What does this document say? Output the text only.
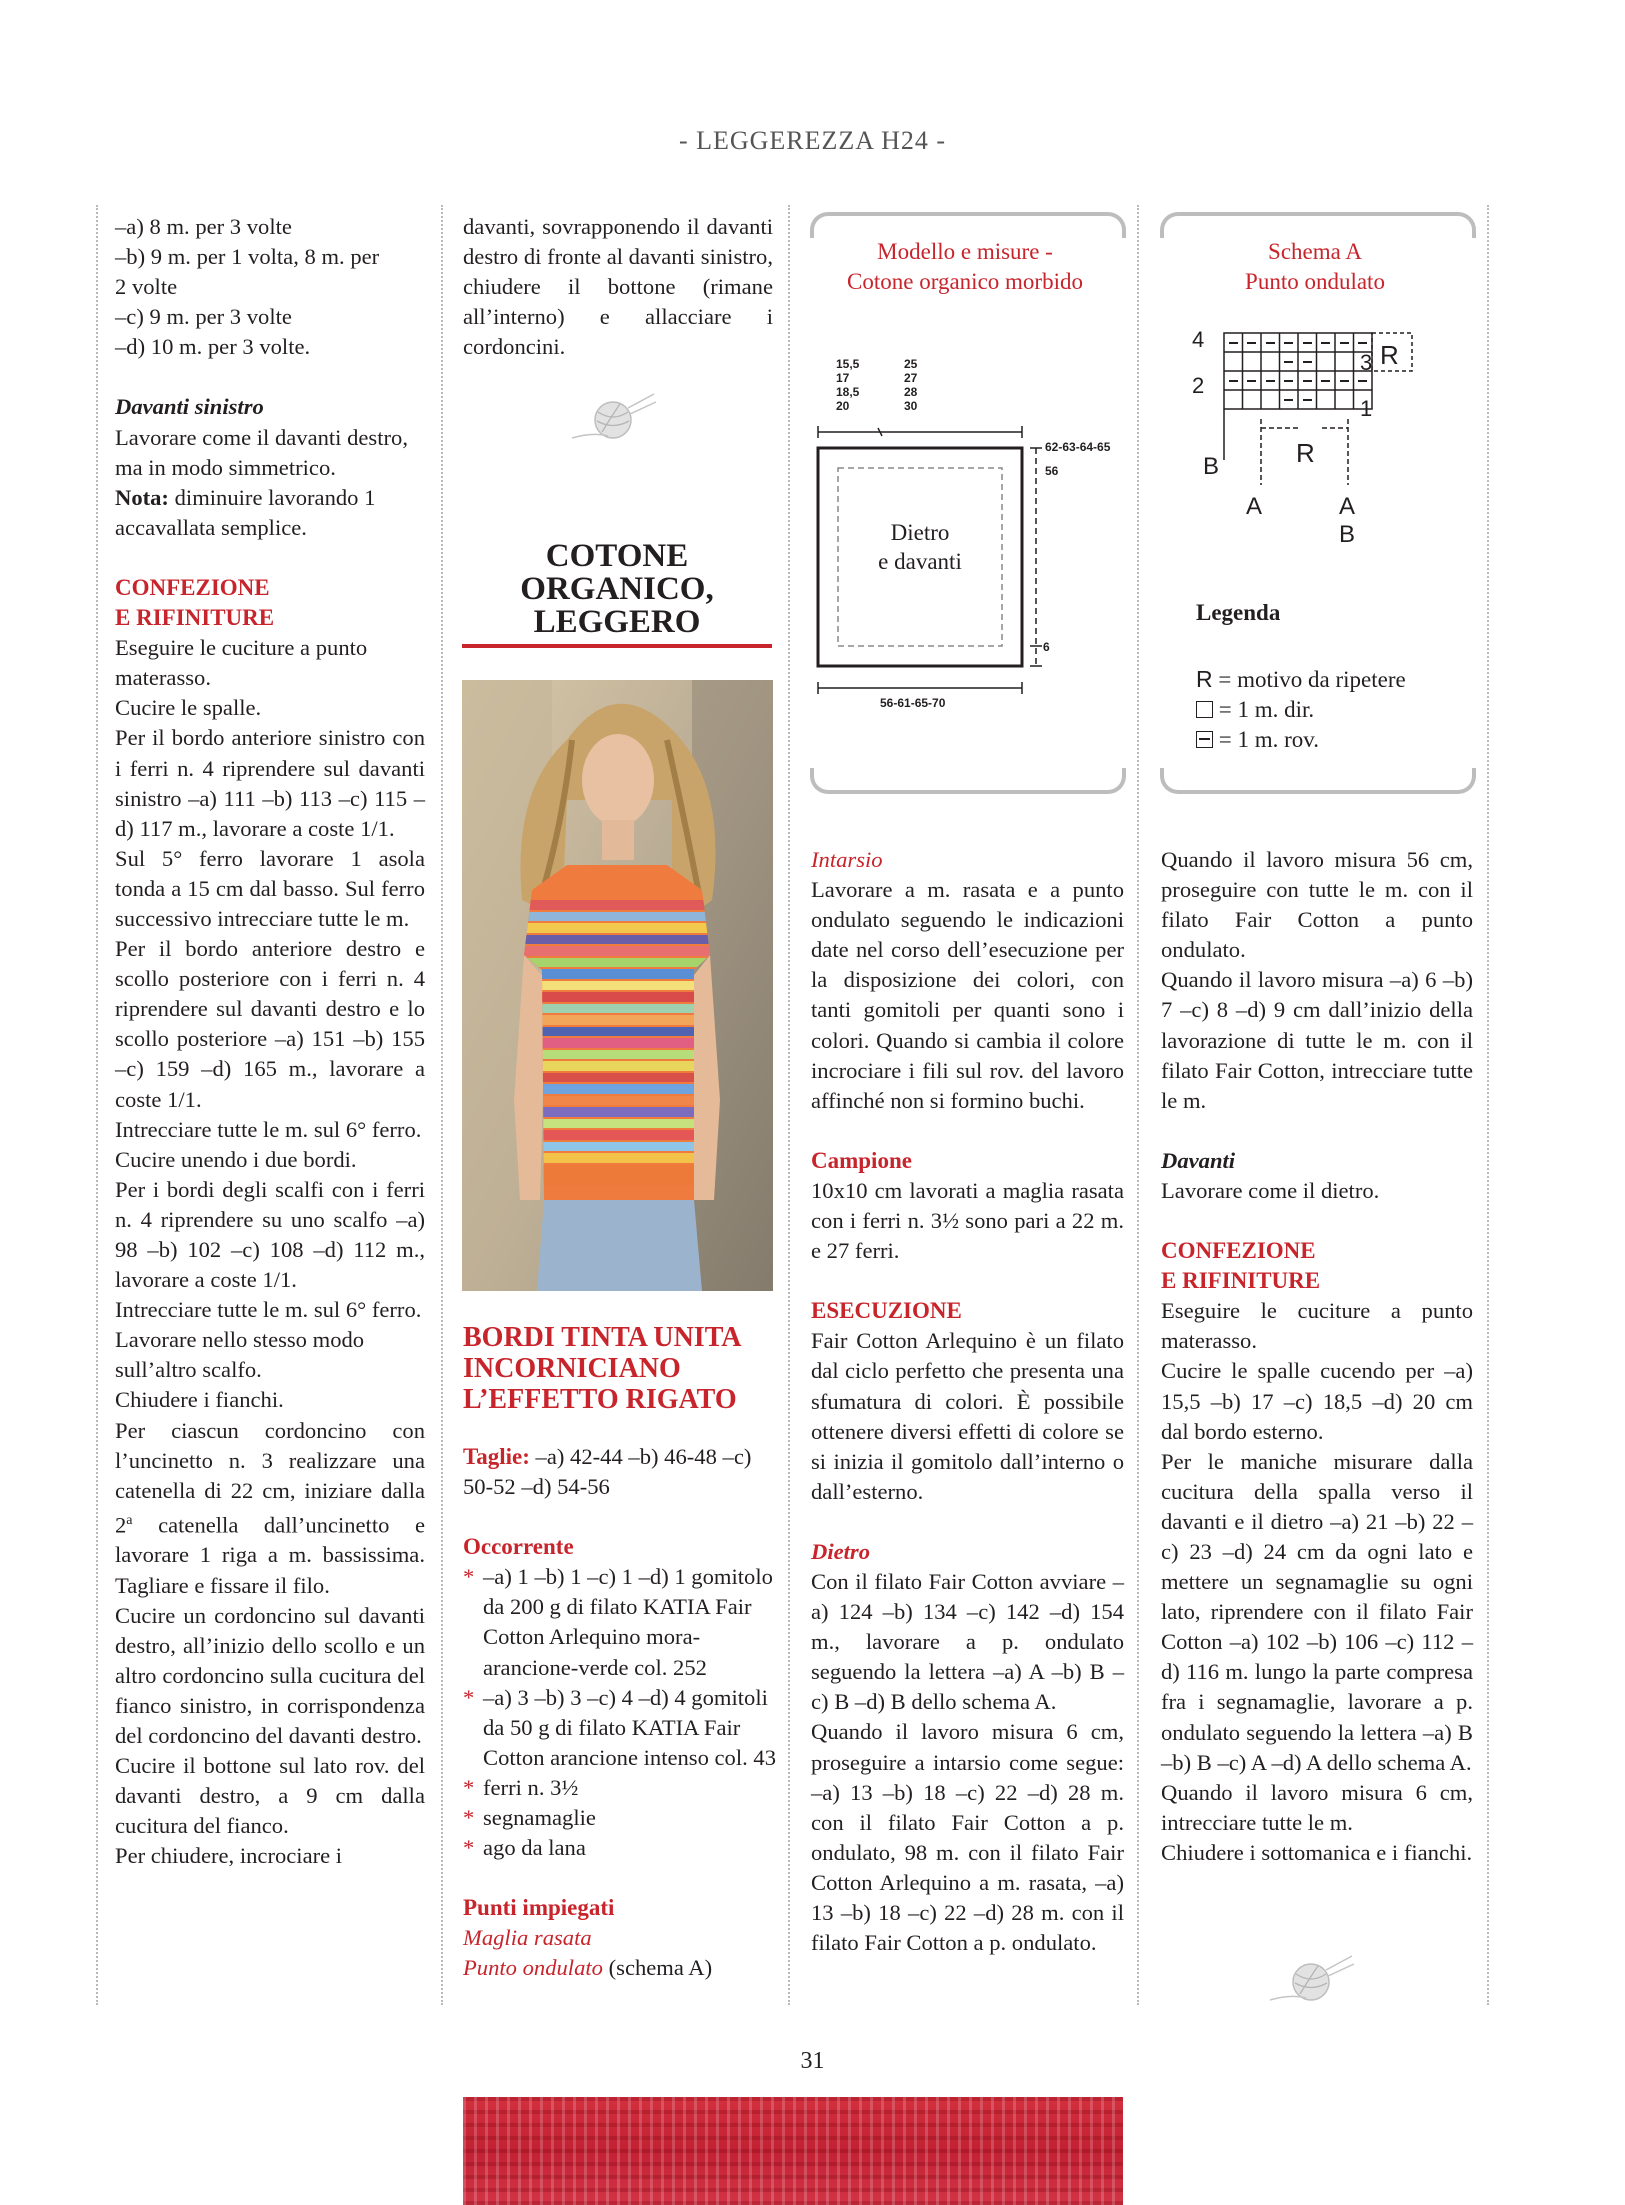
- LEGGEREZZA H24 -

–a) 8 m. per 3 volte

–b) 9 m. per 1 volta, 8 m. per

2 volte

–c) 9 m. per 3 volte

–d) 10 m. per 3 volte.

Davanti sinistro

Lavorare come il davanti destro, ma in modo simmetrico.

Nota: diminuire lavorando 1 accavallata semplice.

CONFEZIONE

E RIFINITURE

Eseguire le cuciture a punto materasso.

Cucire le spalle.

Per il bordo anteriore sinistro con i ferri n. 4 riprendere sul davanti sinistro –a) 111 –b) 113 –c) 115 –d) 117 m., lavorare a coste 1/1.

Sul 5° ferro lavorare 1 asola tonda a 15 cm dal basso. Sul ferro successivo intrecciare tutte le m.

Per il bordo anteriore destro e scollo posteriore con i ferri n. 4 riprendere sul davanti destro e lo scollo posteriore –a) 151 –b) 155 –c) 159 –d) 165 m., lavorare a coste 1/1.

Intrecciare tutte le m. sul 6° ferro.

Cucire unendo i due bordi.

Per i bordi degli scalfi con i ferri n. 4 riprendere su uno scalfo –a) 98 –b) 102 –c) 108 –d) 112 m., lavorare a coste 1/1.

Intrecciare tutte le m. sul 6° ferro.

Lavorare nello stesso modo sull’altro scalfo.

Chiudere i fianchi.

Per ciascun cordoncino con l’uncinetto n. 3 realizzare una catenella di 22 cm, iniziare dalla 2$^a$ catenella dall’uncinetto e lavorare 1 riga a m. bassissima. Tagliare e fissare il filo.

Cucire un cordoncino sul davanti destro, all’inizio dello scollo e un altro cordoncino sulla cucitura del fianco sinistro, in corrispondenza del cordoncino del davanti destro.

Cucire il bottone sul lato rov. del davanti destro, a 9 cm dalla cucitura del fianco.

Per chiudere, incrociare i

davanti, sovrapponendo il davanti destro di fronte al davanti sinistro, chiudere il bottone (rimane all’interno) e allacciare i cordoncini.
COTONE
ORGANICO,
LEGGERO
BORDI TINTA UNITA
INCORNICIANO
L’EFFETTO RIGATO

Taglie: –a) 42-44 –b) 46-48 –c) 50-52 –d) 54-56

Occorrente

* –a) 1 –b) 1 –c) 1 –d) 1 gomitolo da 200 g di filato KATIA Fair Cotton Arlequino mora-arancione-verde col. 252
* –a) 3 –b) 3 –c) 4 –d) 4 gomitoli da 50 g di filato KATIA Fair Cotton arancione intenso col. 43
* ferri n. 3½
* segnamaglie
* ago da lana

Punti impiegati

Maglia rasata

Punto ondulato (schema A)

Modello e misure -
Cotone organico morbido
15,5
17
18,5
20
25
27
28
30
62-63-64-65
56
6
56-61-65-70
Dietro
e davanti
Schema A
Punto ondulato
4
2
3
1
R
R
B
A	A
B
Legenda
R = motivo da ripetere
= 1 m. dir.
= 1 m. rov.

Intarsio

Lavorare a m. rasata e a punto ondulato seguendo le indicazioni date nel corso dell’esecuzione per la disposizione dei colori, con tanti gomitoli per quanti sono i colori. Quando si cambia il colore incrociare i fili sul rov. del lavoro affinché non si formino buchi.

Campione

10x10 cm lavorati a maglia rasata con i ferri n. 3½ sono pari a 22 m. e 27 ferri.

ESECUZIONE

Fair Cotton Arlequino è un filato dal ciclo perfetto che presenta una sfumatura di colori. È possibile ottenere diversi effetti di colore se si inizia il gomitolo dall’interno o dall’esterno.

Dietro

Con il filato Fair Cotton avviare –a) 124 –b) 134 –c) 142 –d) 154 m., lavorare a p. ondulato seguendo la lettera –a) A –b) B –c) B –d) B dello schema A.

Quando il lavoro misura 6 cm, proseguire a intarsio come segue: –a) 13 –b) 18 –c) 22 –d) 28 m. con il filato Fair Cotton a p. ondulato, 98 m. con il filato Fair Cotton Arlequino a m. rasata, –a) 13 –b) 18 –c) 22 –d) 28 m. con il filato Fair Cotton a p. ondulato.

Quando il lavoro misura 56 cm, proseguire con tutte le m. con il filato Fair Cotton a punto ondulato.

Quando il lavoro misura –a) 6 –b) 7 –c) 8 –d) 9 cm dall’inizio della lavorazione di tutte le m. con il filato Fair Cotton, intrecciare tutte le m.

Davanti

Lavorare come il dietro.

CONFEZIONE

E RIFINITURE

Eseguire le cuciture a punto materasso.

Cucire le spalle cucendo per –a) 15,5 –b) 17 –c) 18,5 –d) 20 cm dal bordo esterno.

Per le maniche misurare dalla cucitura della spalla verso il davanti e il dietro –a) 21 –b) 22 –c) 23 –d) 24 cm da ogni lato e mettere un segnamaglie su ogni lato, riprendere con il filato Fair Cotton –a) 102 –b) 106 –c) 112 –d) 116 m. lungo la parte compresa fra i segnamaglie, lavorare a p. ondulato seguendo la lettera –a) B –b) B –c) A –d) A dello schema A.

Quando il lavoro misura 6 cm, intrecciare tutte le m.

Chiudere i sottomanica e i fianchi.

31
